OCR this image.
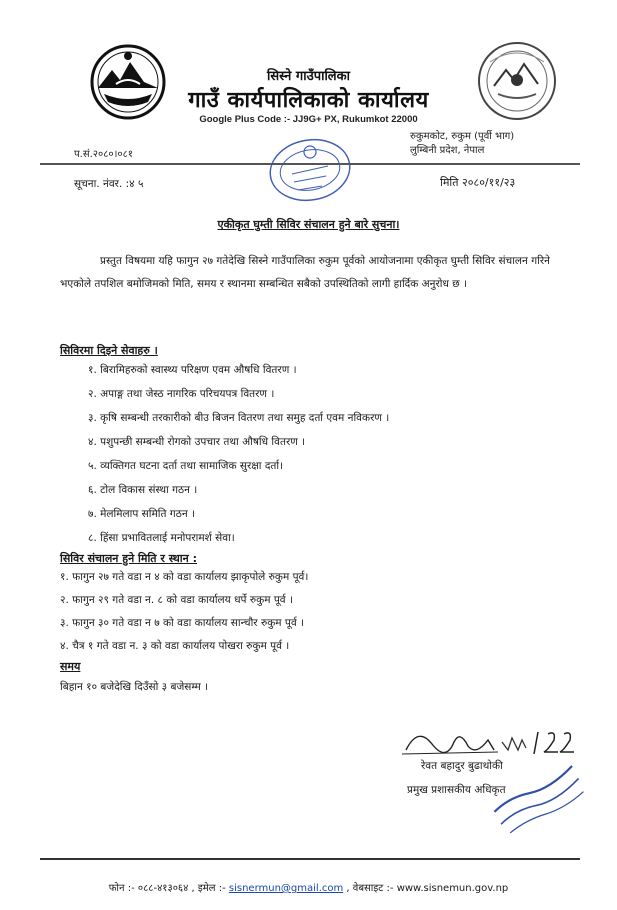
सिस्ने गाउँपालिका
गाउँ कार्यपालिकाको कार्यालय
Google Plus Code :- JJ9G+ PX, Rukumkot 22000
प.सं.२०८०।०८१
रुकुमकोट, रुकुम (पूर्वी भाग)
लुम्बिनी प्रदेश, नेपाल
सूचना. नंवर. :४ ५	मिति २०८०/११/२३
एकीकृत घुम्ती सिविर संचालन हुने बारे सुचना।

प्रस्तुत विषयमा यहि फागुन २७ गतेदेखि सिस्ने गाउँपालिका रुकुम पूर्वको आयोजनामा एकीकृत घुम्ती सिविर संचालन गरिने भएकोले तपशिल बमोजिमको मिति, समय र स्थानमा सम्बन्धित सबैको उपस्थितिको लागी हार्दिक अनुरोध छ ।

सिविरमा दिइने सेवाहरु ।
१. बिरामिहरुको स्वास्थ्य परिक्षण एवम औषधि वितरण ।
२. अपाङ्ग तथा जेस्ठ नागरिक परिचयपत्र वितरण ।
३. कृषि सम्बन्धी तरकारीको बीउ बिजन वितरण तथा समुह दर्ता एवम नविकरण ।
४. पशुपन्छी सम्बन्धी रोगको उपचार तथा औषधि वितरण ।
५. व्यक्तिगत घटना दर्ता तथा सामाजिक सुरक्षा दर्ता।
६. टोल विकास संस्था गठन ।
७. मेलमिलाप समिति गठन ।
८. हिंसा प्रभावितलाई मनोपरामर्श सेवा।
सिविर संचालन हुने मिति र स्थान :
१. फागुन २७ गते वडा न ४ को वडा कार्यालय झाकृपोले रुकुम पूर्व।
२. फागुन २९ गते वडा न. ८ को वडा कार्यालय धर्पे रुकुम पूर्व ।
३. फागुन ३० गते वडा न ७ को वडा कार्यालय सान्चौर रुकुम पूर्व ।
४. चैत्र १ गते वडा न. ३ को वडा कार्यालय पोखरा रुकुम पूर्व ।
समय
बिहान १० बजेदेखि दिउँसो ३ बजेसम्म ।
रेवत बहादुर बुढाथोकी
प्रमुख प्रशासकीय अधिकृत
फोन :- ०८८-४१३०६४ , इमेल :- sisnermun@gmail.com , वेबसाइट :- www.sisnemun.gov.np
